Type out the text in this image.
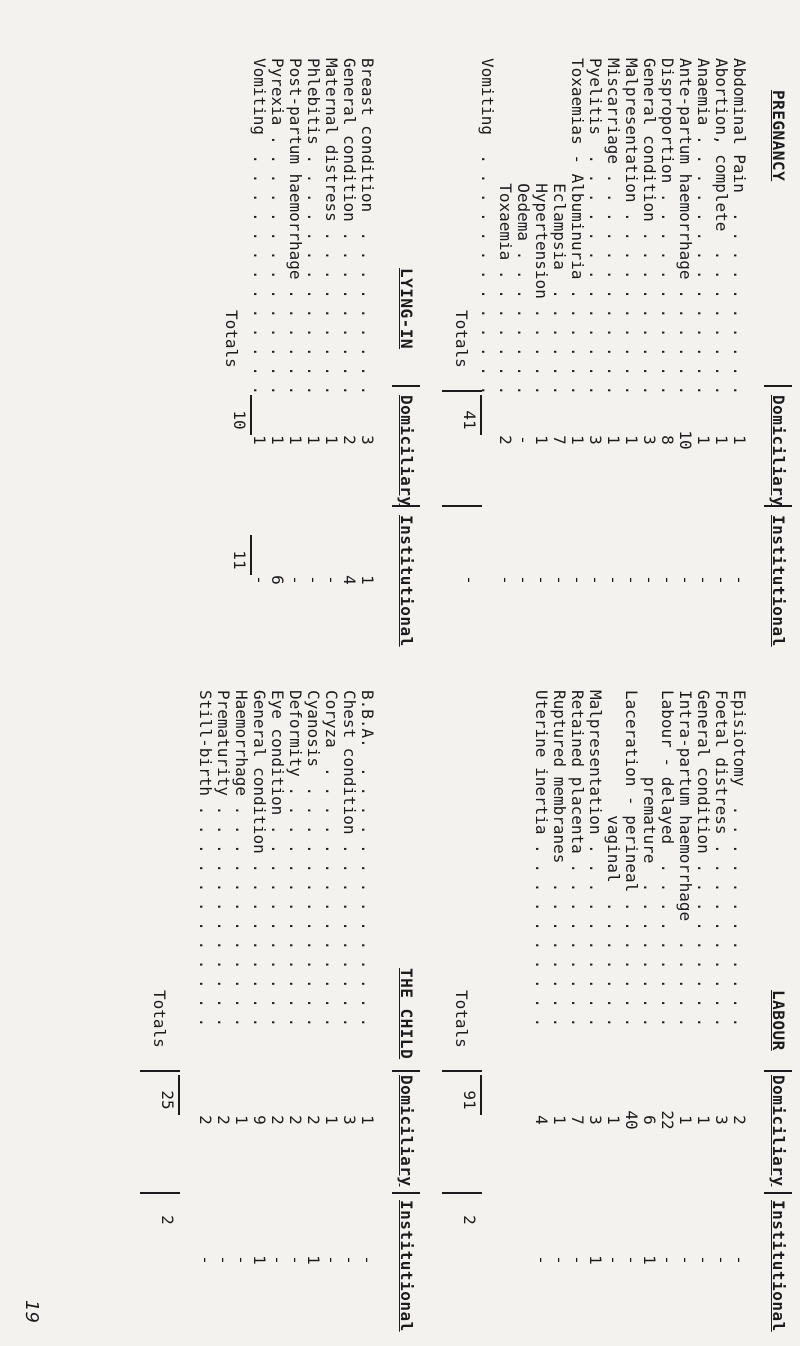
PREGNANCY
Domiciliary
Institutional
Abdominal Pain  . . . . . . . . . .
Abortion, complete  . . . . . . . .
Anaemia . . . . . . . . . . . . . .
Ante-partum haemorrhage . . . . . .
Disproportion . . . . . . . . . . .
General condition . . . . . . . . .
Malpresentation . . . . . . . . . .
Miscarriage . . . . . . . . . . . .
Pyelitis  . . . . . . . . . . . . .
Toxaemias - Albuminuria . . . . . .
Eclampsia  . . . . . .
Hypertension . . . . .
Oedema . . . . . . . .
Toxaemia . . . . . . .
Vomiting  . . . . . . . . . . . . .
1
1
1
10
8
3
1
1
3
1
7
1
-
2
-
-
-
-
-
-
-
-
-
-
-
-
-
-
Totals
41
-
LYING-IN
Domiciliary
Institutional
Breast condition  . . . . . . . . .
General condition . . . . . . . . .
Maternal distress . . . . . . . . .
Phlebitis . . . . . . . . . . . . .
Post-partum haemorrhage . . . . . .
Pyrexia . . . . . . . . . . . . . .
Vomiting  . . . . . . . . . . . . .
3
2
1
1
1
1
1
1
4
-
-
-
6
-
Totals
10
11
LABOUR
Domiciliary
Institutional
Episiotomy  . . . . . . . . . . . .
Foetal distress . . . . . . . . . .
General condition . . . . . . . . .
Intra-partum haemorrhage  . . . . .
Labour - delayed  . . . . . . . . .
premature  . . . . . . . .
Laceration - perineal . . . . . . .
vaginal  . . . . . . .
Malpresentation . . . . . . . . . .
Retained placenta . . . . . . . . .
Ruptured membranes  . . . . . . . .
Uterine inertia . . . . . . . . . .
2
3
1
1
22
6
40
1
3
7
1
4
-
-
-
-
-
1
-
-
1
-
-
-
Totals
91
2
THE CHILD
Domiciliary
Institutional
B.B.A.  . . . . . . . . . . . . . .
Chest condition . . . . . . . . . .
Coryza  . . . . . . . . . . . . . .
Cyanosis  . . . . . . . . . . . . .
Deformity . . . . . . . . . . . . .
Eye condition . . . . . . . . . . .
General condition . . . . . . . . .
Haemorrhage . . . . . . . . . . . .
Prematurity . . . . . . . . . . . .
Still-birth . . . . . . . . . . . .
1
3
1
2
2
2
9
1
2
2
-
-
-
1
-
-
1
-
-
-
Totals
25
2
19
